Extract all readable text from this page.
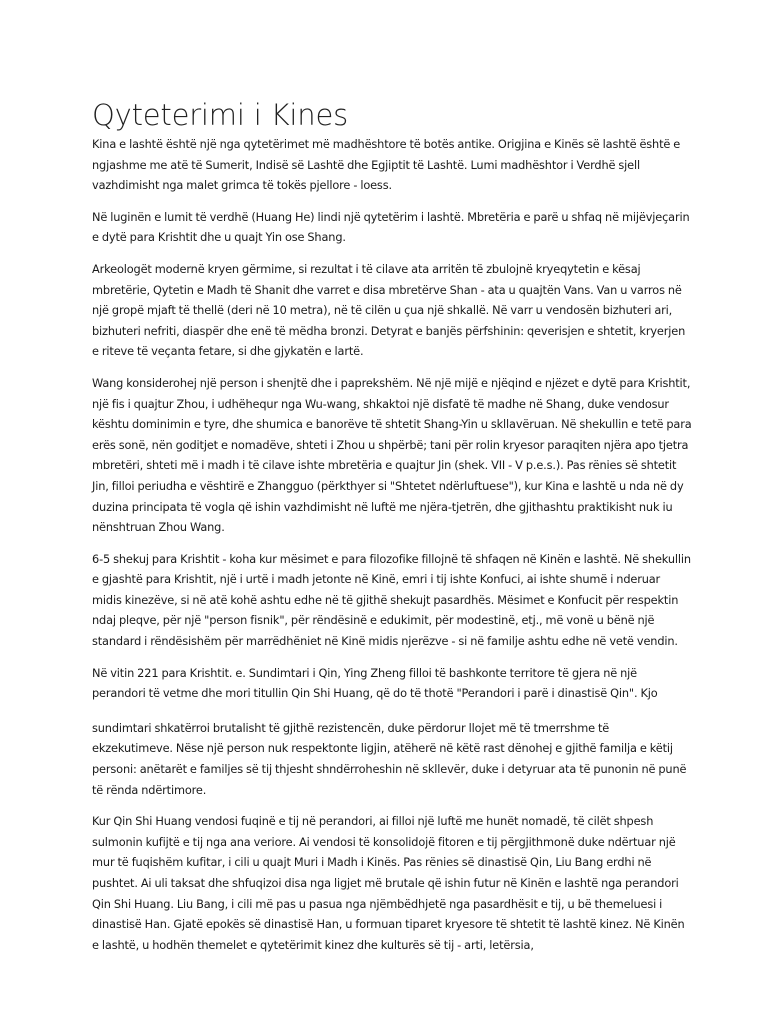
Qyteterimi i Kines

Kina e lashtë është një nga qytetërimet më madhështore të botës antike. Origjina e Kinës së lashtë është e ngjashme me atë të Sumerit, Indisë së Lashtë dhe Egjiptit të Lashtë. Lumi madhështor i Verdhë sjell vazhdimisht nga malet grimca të tokës pjellore - loess.

Në luginën e lumit të verdhë (Huang He) lindi një qytetërim i lashtë. Mbretëria e parë u shfaq në mijëvjeçarin e dytë para Krishtit dhe u quajt Yin ose Shang.

Arkeologët modernë kryen gërmime, si rezultat i të cilave ata arritën të zbulojnë kryeqytetin e kësaj mbretërie, Qytetin e Madh të Shanit dhe varret e disa mbretërve Shan - ata u quajtën Vans. Van u varros në një gropë mjaft të thellë (deri në 10 metra), në të cilën u çua një shkallë. Në varr u vendosën bizhuteri ari, bizhuteri nefriti, diaspër dhe enë të mëdha bronzi. Detyrat e banjës përfshinin: qeverisjen e shtetit, kryerjen e riteve të veçanta fetare, si dhe gjykatën e lartë.

Wang konsiderohej një person i shenjtë dhe i paprekshëm. Në një mijë e njëqind e njëzet e dytë para Krishtit, një fis i quajtur Zhou, i udhëhequr nga Wu-wang, shkaktoi një disfatë të madhe në Shang, duke vendosur kështu dominimin e tyre, dhe shumica e banorëve të shtetit Shang-Yin u skllavëruan. Në shekullin e tetë para erës sonë, nën goditjet e nomadëve, shteti i Zhou u shpërbë; tani për rolin kryesor paraqiten njëra apo tjetra mbretëri, shteti më i madh i të cilave ishte mbretëria e quajtur Jin (shek. VII - V p.e.s.). Pas rënies së shtetit Jin, filloi periudha e vështirë e Zhangguo (përkthyer si "Shtetet ndërluftuese"), kur Kina e lashtë u nda në dy duzina principata të vogla që ishin vazhdimisht në luftë me njëra-tjetrën, dhe gjithashtu praktikisht nuk iu nënshtruan Zhou Wang.

6-5 shekuj para Krishtit - koha kur mësimet e para filozofike fillojnë të shfaqen në Kinën e lashtë. Në shekullin e gjashtë para Krishtit, një i urtë i madh jetonte në Kinë, emri i tij ishte Konfuci, ai ishte shumë i nderuar midis kinezëve, si në atë kohë ashtu edhe në të gjithë shekujt pasardhës. Mësimet e Konfucit për respektin ndaj pleqve, për një "person fisnik", për rëndësinë e edukimit, për modestinë, etj., më vonë u bënë një standard i rëndësishëm për marrëdhëniet në Kinë midis njerëzve - si në familje ashtu edhe në vetë vendin.

Në vitin 221 para Krishtit. e. Sundimtari i Qin, Ying Zheng filloi të bashkonte territore të gjera në një perandori të vetme dhe mori titullin Qin Shi Huang, që do të thotë "Perandori i parë i dinastisë Qin". Kjo

sundimtari shkatërroi brutalisht të gjithë rezistencën, duke përdorur llojet më të tmerrshme të ekzekutimeve. Nëse një person nuk respektonte ligjin, atëherë në këtë rast dënohej e gjithë familja e këtij personi: anëtarët e familjes së tij thjesht shndërroheshin në skllevër, duke i detyruar ata të punonin në punë të rënda ndërtimore.

Kur Qin Shi Huang vendosi fuqinë e tij në perandori, ai filloi një luftë me hunët nomadë, të cilët shpesh sulmonin kufijtë e tij nga ana veriore. Ai vendosi të konsolidojë fitoren e tij përgjithmonë duke ndërtuar një mur të fuqishëm kufitar, i cili u quajt Muri i Madh i Kinës. Pas rënies së dinastisë Qin, Liu Bang erdhi në pushtet. Ai uli taksat dhe shfuqizoi disa nga ligjet më brutale që ishin futur në Kinën e lashtë nga perandori Qin Shi Huang. Liu Bang, i cili më pas u pasua nga njëmbëdhjetë nga pasardhësit e tij, u bë themeluesi i dinastisë Han. Gjatë epokës së dinastisë Han, u formuan tiparet kryesore të shtetit të lashtë kinez. Në Kinën e lashtë, u hodhën themelet e qytetërimit kinez dhe kulturës së tij - arti, letërsia,
